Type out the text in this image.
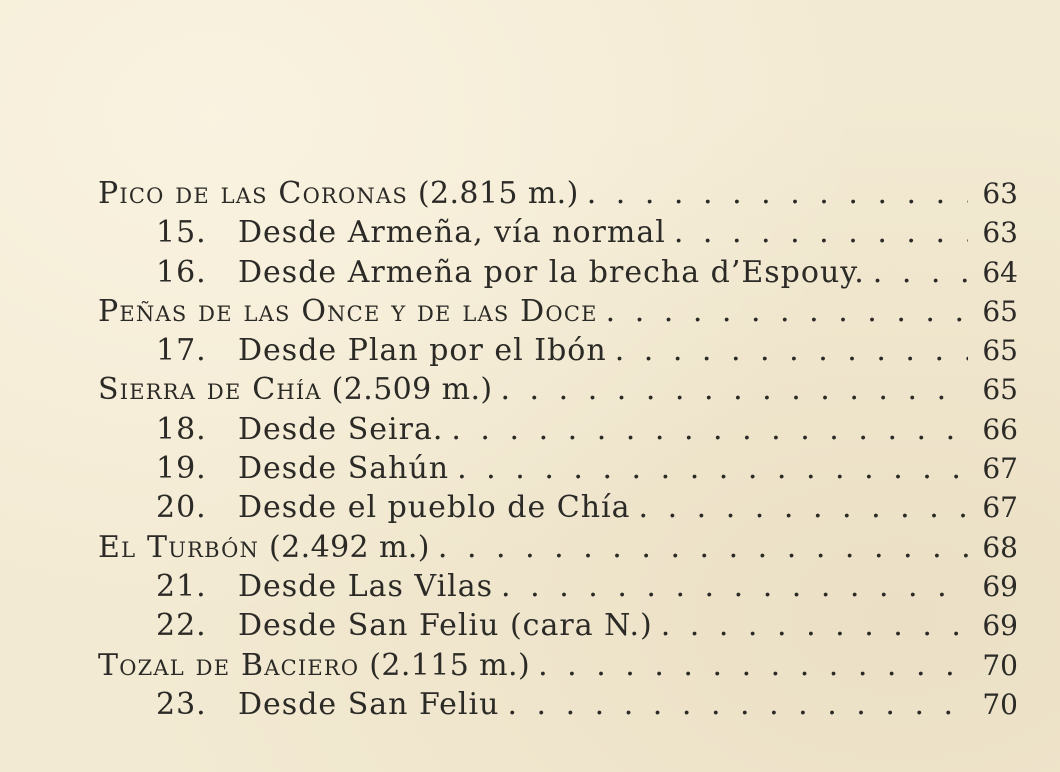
Pico de las Coronas (2.815 m.) . . .	63
15. Desde Armeña, vía normal . . .	63
16. Desde Armeña por la brecha d’Espouy. . . .	64
Peñas de las Once y de las Doce . . .	65
17. Desde Plan por el Ibón . . .	65
Sierra de Chía (2.509 m.) . . .	65
18. Desde Seira. . . .	66
19. Desde Sahún . . .	67
20. Desde el pueblo de Chía . . .	67
El Turbón (2.492 m.) . . .	68
21. Desde Las Vilas . . .	69
22. Desde San Feliu (cara N.) . . .	69
Tozal de Baciero (2.115 m.) . . .	70
23. Desde San Feliu . . .	70
